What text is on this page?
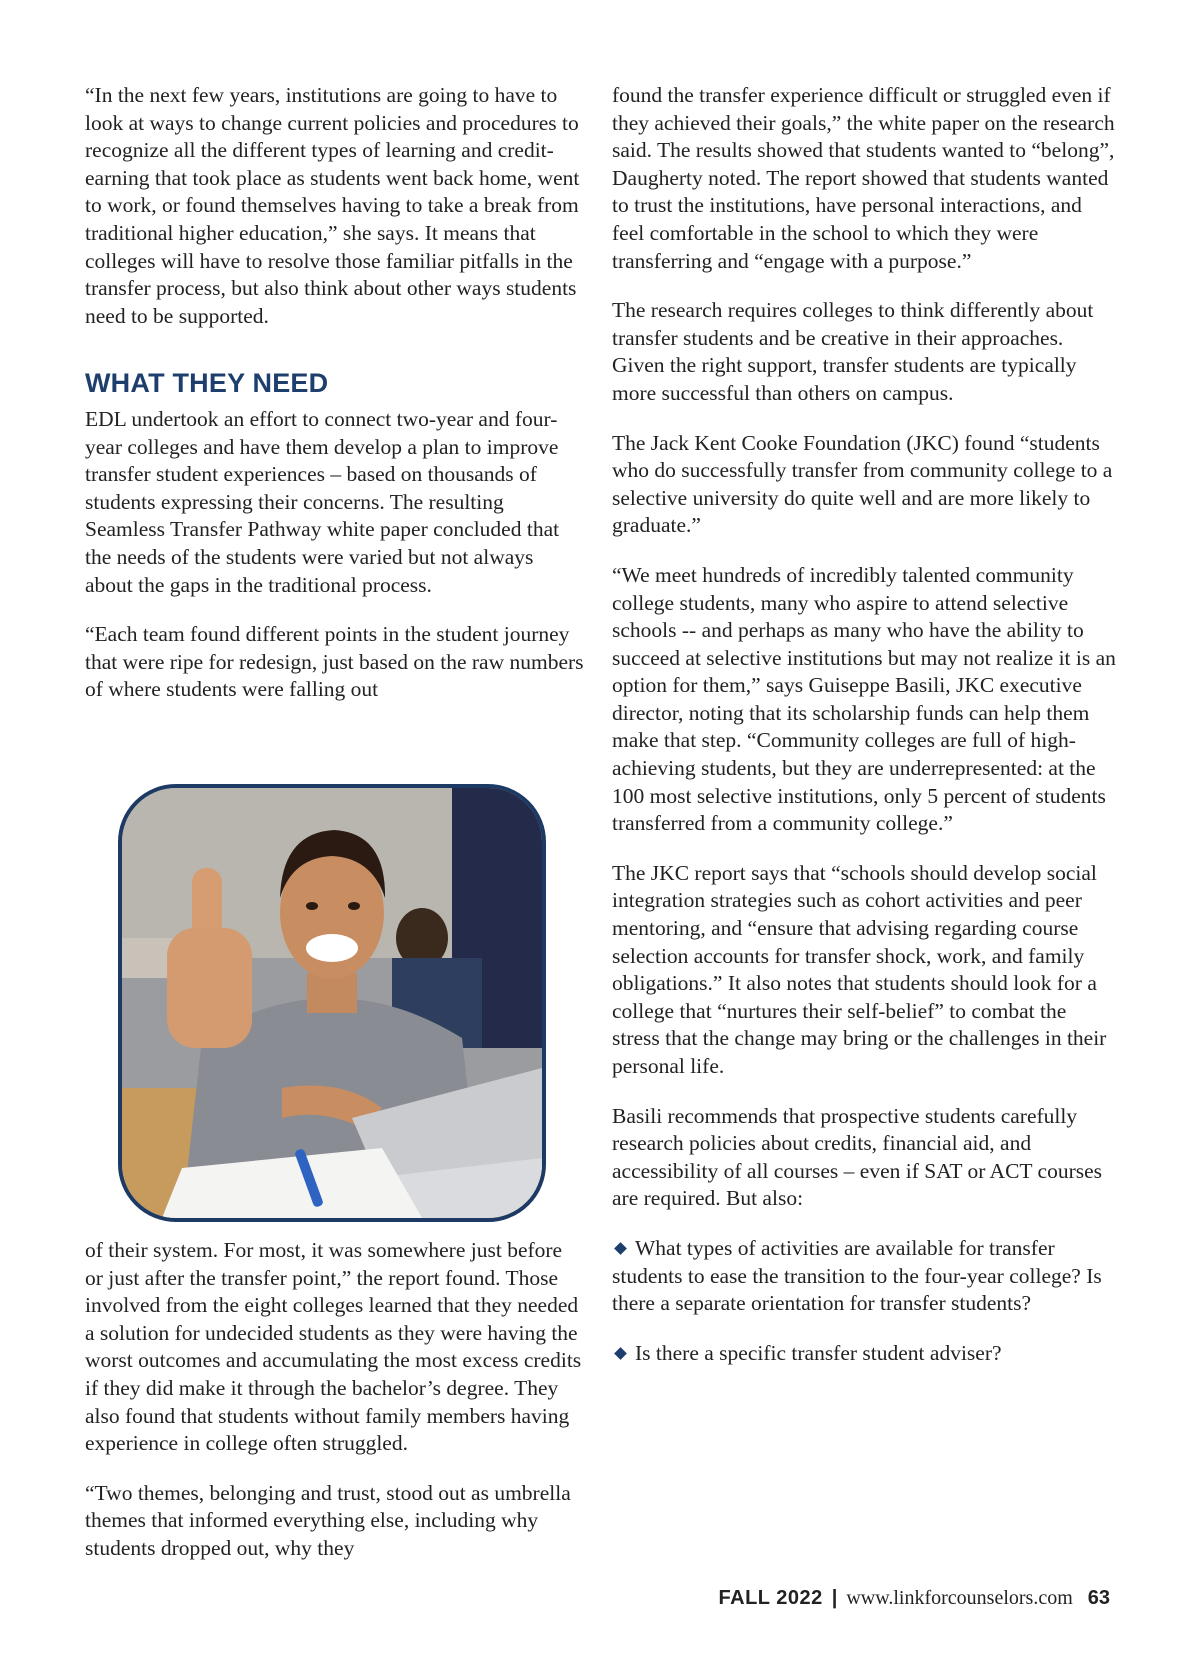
“In the next few years, institutions are going to have to look at ways to change current policies and procedures to recognize all the different types of learning and credit-earning that took place as students went back home, went to work, or found themselves having to take a break from traditional higher education,” she says. It means that colleges will have to resolve those familiar pitfalls in the transfer process, but also think about other ways students need to be supported.

WHAT THEY NEED

EDL undertook an effort to connect two-year and four-year colleges and have them develop a plan to improve transfer student experiences – based on thousands of students expressing their concerns. The resulting Seamless Transfer Pathway white paper concluded that the needs of the students were varied but not always about the gaps in the traditional process.

“Each team found different points in the student journey that were ripe for redesign, just based on the raw numbers of where students were falling out

of their system. For most, it was somewhere just before or just after the transfer point,” the report found. Those involved from the eight colleges learned that they needed a solution for undecided students as they were having the worst outcomes and accumulating the most excess credits if they did make it through the bachelor’s degree. They also found that students without family members having experience in college often struggled.

“Two themes, belonging and trust, stood out as umbrella themes that informed everything else, including why students dropped out, why they

found the transfer experience difficult or struggled even if they achieved their goals,” the white paper on the research said. The results showed that students wanted to “belong”, Daugherty noted. The report showed that students wanted to trust the institutions, have personal interactions, and feel comfortable in the school to which they were transferring and “engage with a purpose.”

The research requires colleges to think differently about transfer students and be creative in their approaches. Given the right support, transfer students are typically more successful than others on campus.

The Jack Kent Cooke Foundation (JKC) found “students who do successfully transfer from community college to a selective university do quite well and are more likely to graduate.”

“We meet hundreds of incredibly talented community college students, many who aspire to attend selective schools -- and perhaps as many who have the ability to succeed at selective institutions but may not realize it is an option for them,” says Guiseppe Basili, JKC executive director, noting that its scholarship funds can help them make that step. “Community colleges are full of high-achieving students, but they are underrepresented: at the 100 most selective institutions, only 5 percent of students transferred from a community college.”

The JKC report says that “schools should develop social integration strategies such as cohort activities and peer mentoring, and “ensure that advising regarding course selection accounts for transfer shock, work, and family obligations.” It also notes that students should look for a college that “nurtures their self-belief” to combat the stress that the change may bring or the challenges in their personal life.

Basili recommends that prospective students carefully research policies about credits, financial aid, and accessibility of all courses – even if SAT or ACT courses are required. But also:

What types of activities are available for transfer students to ease the transition to the four-year college? Is there a separate orientation for transfer students?

Is there a specific transfer student adviser?

FALL 2022 | www.linkforcounselors.com 63
